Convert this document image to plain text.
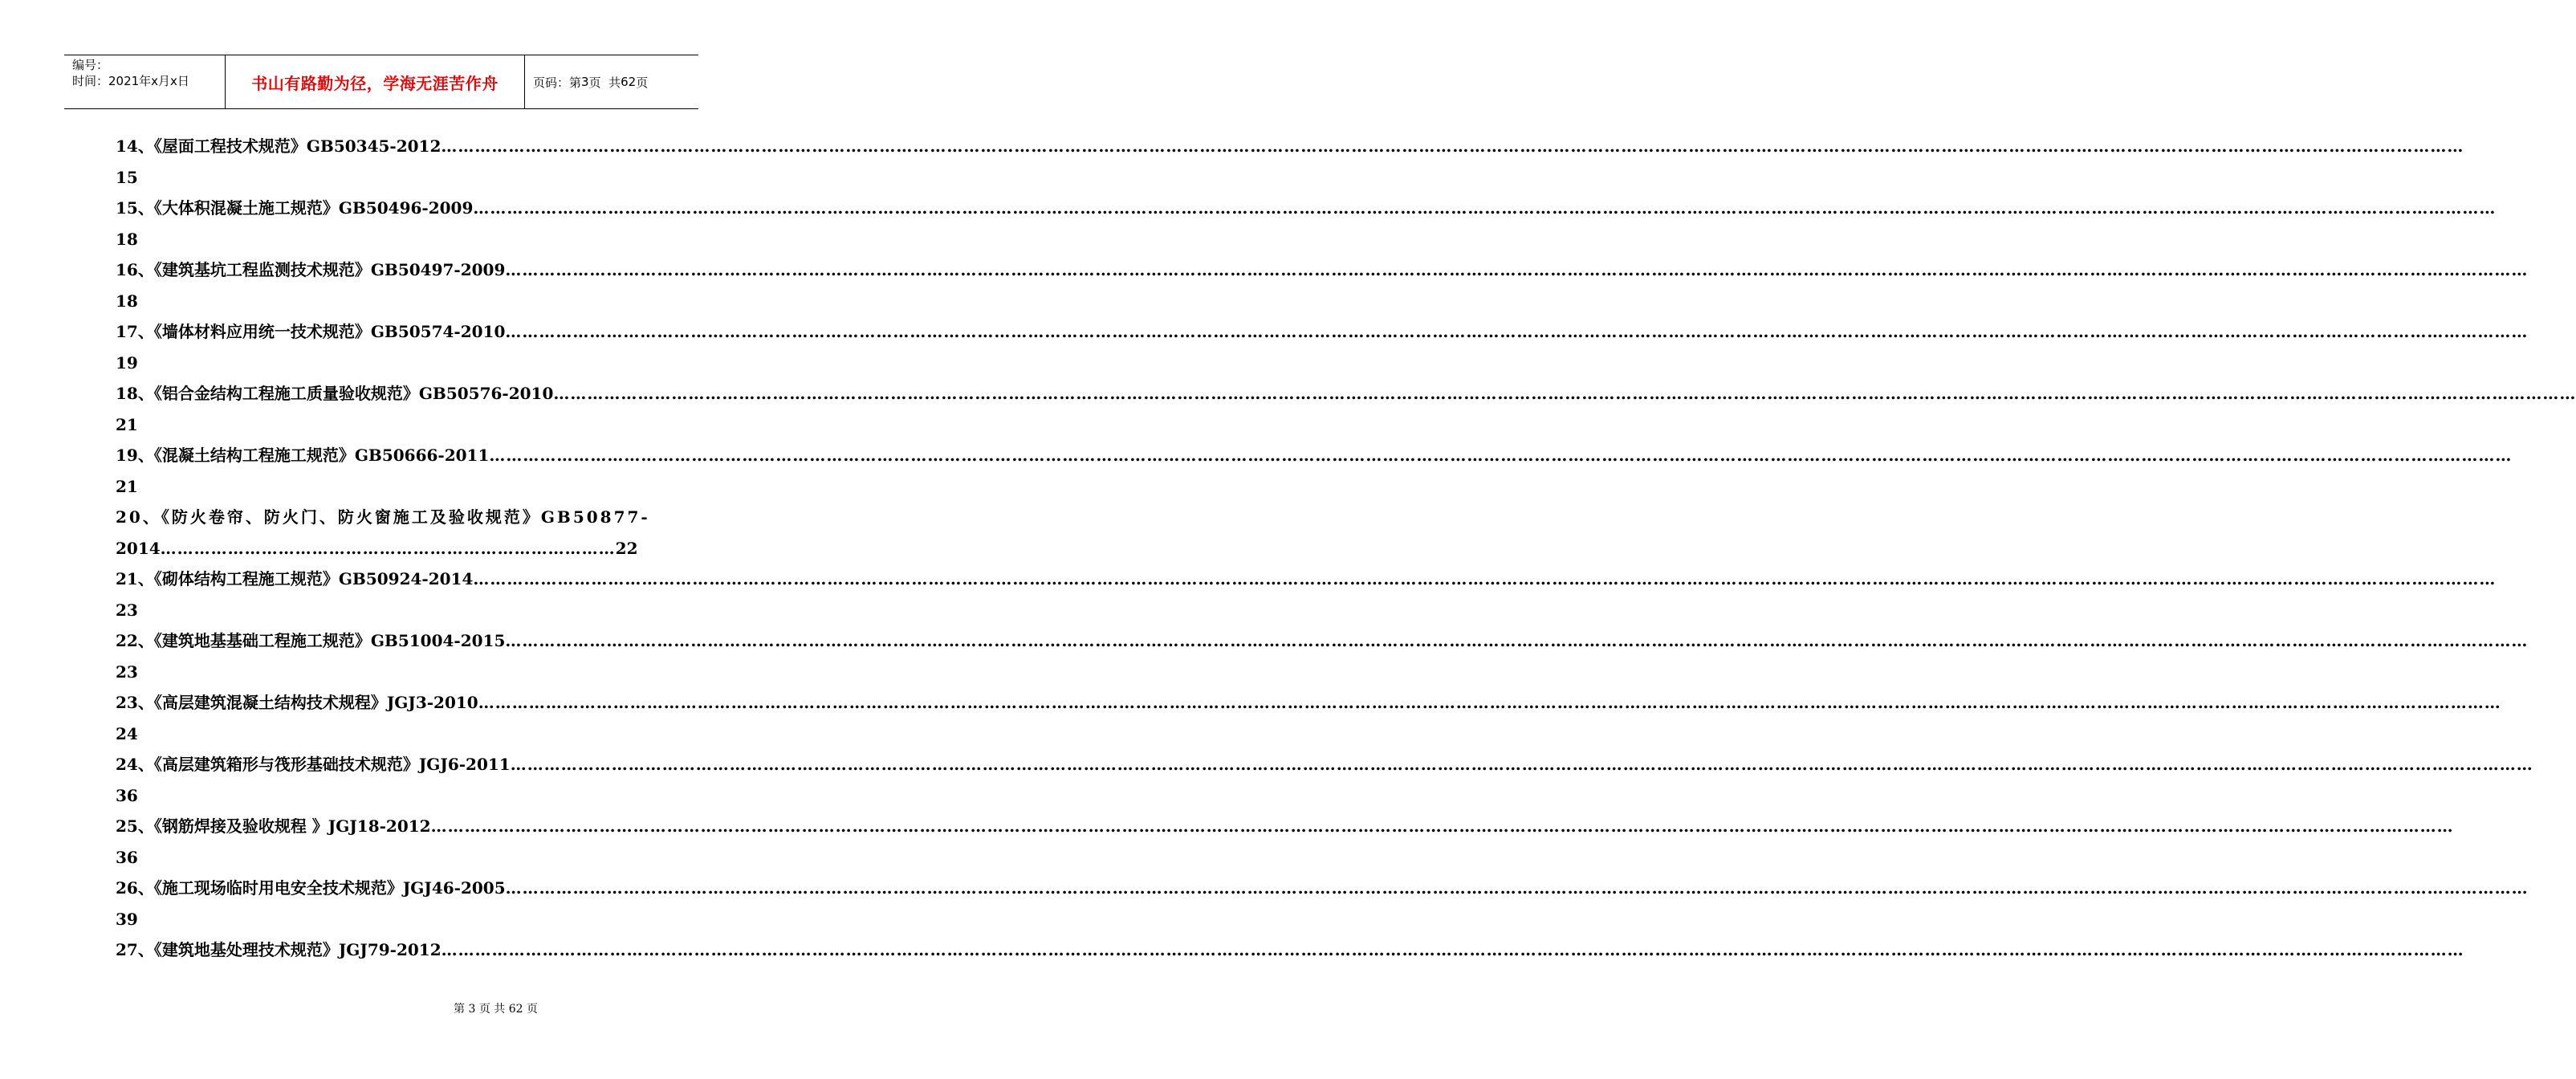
编号：
时间：2021年x月x日	书山有路勤为径，学海无涯苦作舟	页码：第 3 页  共 62 页
14、《屋面工程技术规范》GB50345-2012 ………………………………………………………………………………………………………………………………………………………………………………………………………………………………………………………………………………………………………………………………
15
15、《大体积混凝土施工规范》GB50496-2009 ………………………………………………………………………………………………………………………………………………………………………………………………………………………………………………………………………………………………………………………………
18
16、《建筑基坑工程监测技术规范》GB50497-2009 ………………………………………………………………………………………………………………………………………………………………………………………………………………………………………………………………………………………………………………………………
18
17、《墙体材料应用统一技术规范》GB50574-2010 ………………………………………………………………………………………………………………………………………………………………………………………………………………………………………………………………………………………………………………………………
19
18、《铝合金结构工程施工质量验收规范》GB50576-2010 ………………………………………………………………………………………………………………………………………………………………………………………………………………………………………………………………………………………………………………………………
21
19、《混凝土结构工程施工规范》GB50666-2011 ………………………………………………………………………………………………………………………………………………………………………………………………………………………………………………………………………………………………………………………………
21
20、《防火卷帘、防火门、防火窗施工及验收规范》GB50877-
2014………………………………………………………………………22
21、《砌体结构工程施工规范》GB50924-2014 ………………………………………………………………………………………………………………………………………………………………………………………………………………………………………………………………………………………………………………………………
23
22、《建筑地基基础工程施工规范》GB51004-2015 ………………………………………………………………………………………………………………………………………………………………………………………………………………………………………………………………………………………………………………………………
23
23、《高层建筑混凝土结构技术规程》JGJ3-2010 ………………………………………………………………………………………………………………………………………………………………………………………………………………………………………………………………………………………………………………………………
24
24、《高层建筑箱形与筏形基础技术规范》JGJ6-2011 ………………………………………………………………………………………………………………………………………………………………………………………………………………………………………………………………………………………………………………………………
36
25、《钢筋焊接及验收规程 》JGJ18-2012 ………………………………………………………………………………………………………………………………………………………………………………………………………………………………………………………………………………………………………………………………
36
26、《施工现场临时用电安全技术规范》JGJ46-2005 ………………………………………………………………………………………………………………………………………………………………………………………………………………………………………………………………………………………………………………………………
39
27、《建筑地基处理技术规范》JGJ79-2012 ………………………………………………………………………………………………………………………………………………………………………………………………………………………………………………………………………………………………………………………………
第 3 页 共 62 页
